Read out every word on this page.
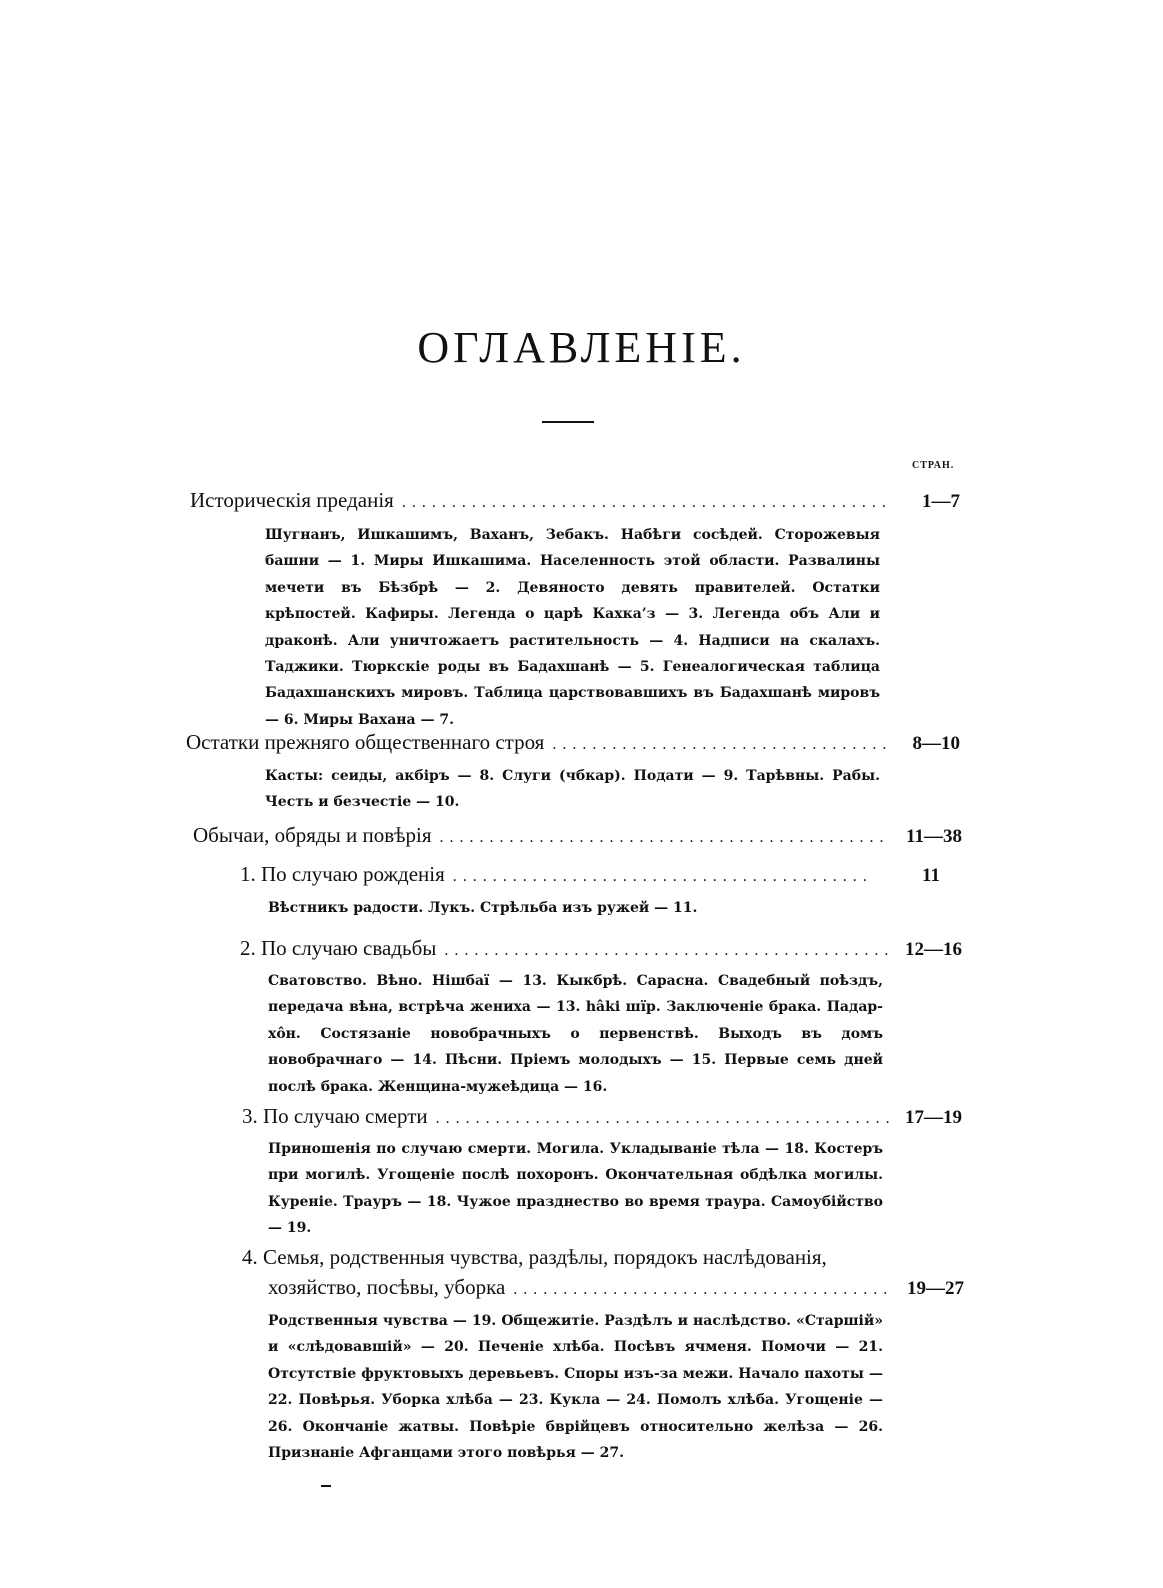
ОГЛАВЛЕНІЕ.
СТРАН.
Историческія преданія . . .	1—7
Шугнанъ, Ишкашимъ, Ваханъ, Зебакъ. Набѣги сосѣдей. Сторожевыя башни — 1. Миры Ишкашима. Населенность этой области. Развалины мечети въ Бѣзбрѣ — 2. Девяносто девять правителей. Остатки крѣпостей. Кафиры. Легенда о царѣ Кахка’з — 3. Легенда объ Али и драконѣ. Али уничтожаетъ растительность — 4. Надписи на скалахъ. Таджики. Тюркскіе роды въ Бадахшанѣ — 5. Генеалогическая таблица Бадахшанскихъ мировъ. Таблица царствовавшихъ въ Бадахшанѣ мировъ — 6. Миры Вахана — 7.
Остатки прежняго общественнаго строя . . .	8—10
Касты: сеиды, акбіръ — 8. Слуги (чбкар). Подати — 9. Тарѣвны. Рабы. Честь и безчестіе — 10.
Обычаи, обряды и повѣрія . . .	11—38
1. По случаю рожденія . . .	11
Вѣстникъ радости. Лукъ. Стрѣльба изъ ружей — 11.
2. По случаю свадьбы . . .	12—16
Сватовство. Вѣно. Нішбаї — 13. Кыкбрѣ. Сарасна. Свадебный поѣздъ, передача вѣна, встрѣча жениха — 13. hâki шïр. Заключеніе брака. Падар-хôн. Состязаніе новобрачныхъ о первенствѣ. Выходъ въ домъ новобрачнаго — 14. Пѣсни. Пріемъ молодыхъ — 15. Первые семь дней послѣ брака. Женщина-мужеѣдица — 16.
3. По случаю смерти . . .	17—19
Приношенія по случаю смерти. Могила. Укладываніе тѣла — 18. Костеръ при могилѣ. Угощеніе послѣ похоронъ. Окончательная обдѣлка могилы. Куреніе. Трауръ — 18. Чужое празднество во время траура. Самоубійство — 19.
4. Семья, родственныя чувства, раздѣлы, порядокъ наслѣдованія,
хозяйство, посѣвы, уборка . . .	19—27
Родственныя чувства — 19. Общежитіе. Раздѣлъ и наслѣдство. «Старшій» и «слѣдовавшій» — 20. Печеніе хлѣба. Посѣвъ ячменя. Помочи — 21. Отсутствіе фруктовыхъ деревьевъ. Споры изъ-за межи. Начало пахоты — 22. Повѣрья. Уборка хлѣба — 23. Кукла — 24. Помолъ хлѣба. Угощеніе — 26. Окончаніе жатвы. Повѣріе бврійцевъ относительно желѣза — 26. Признаніе Афганцами этого повѣрья — 27.
